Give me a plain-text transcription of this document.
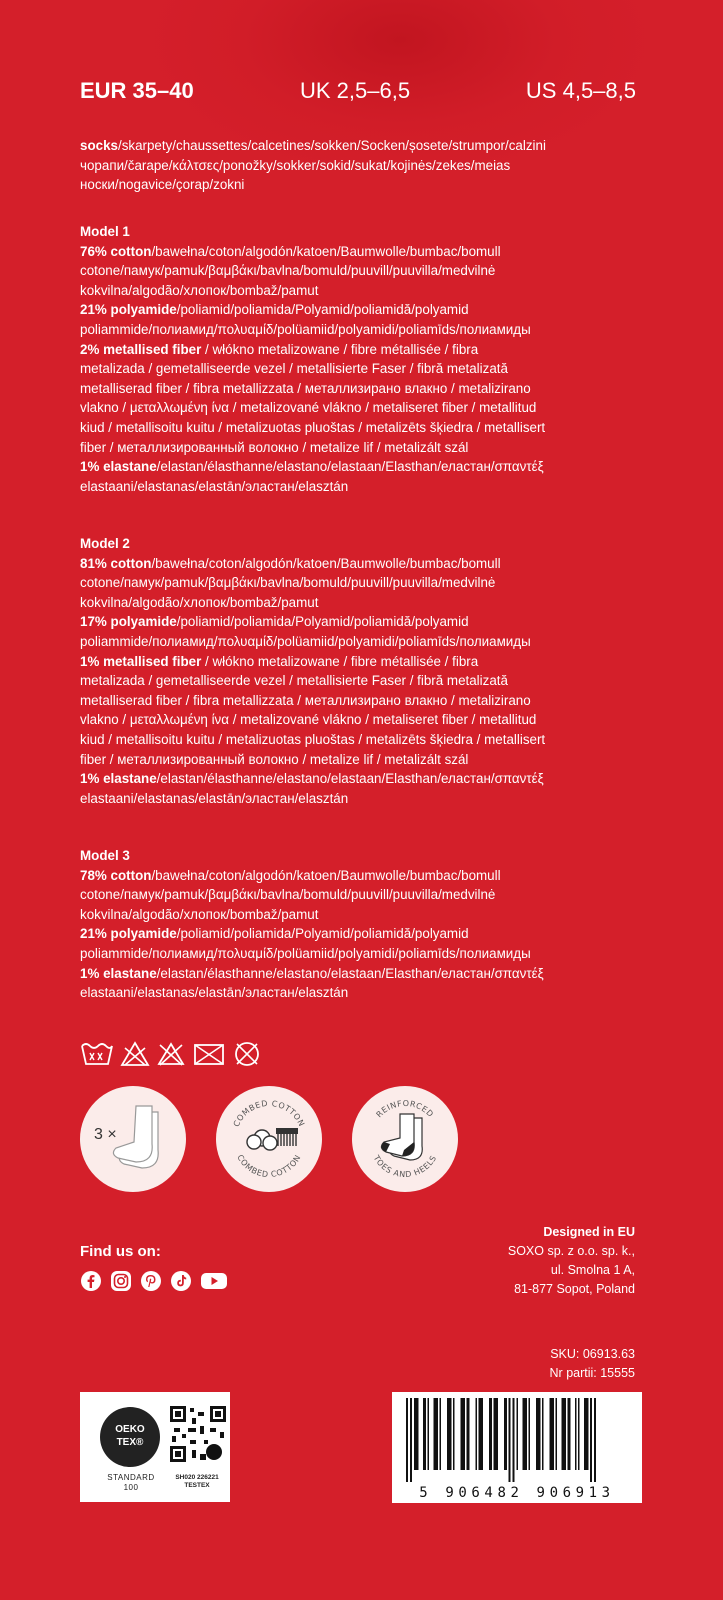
EUR 35–40	UK 2,5–6,5	US 4,5–8,5

socks/skarpety/chaussettes/calcetines/sokken/Socken/șosete/strumpor/calzini

чорапи/čarape/κάλτσες/ponožky/sokker/sokid/sukat/kojinės/zekes/meias

носки/nogavice/çorap/zokni

Model 1

76% cotton/bawełna/coton/algodón/katoen/Baumwolle/bumbac/bomull

cotone/памук/pamuk/βαμβάκι/bavlna/bomuld/puuvill/puuvilla/medvilnė

kokvilna/algodão/хлопок/bombaž/pamut

21% polyamide/poliamid/poliamida/Polyamid/poliamidă/polyamid

poliammide/полиамид/πολυαμίδ/polüamiid/polyamidi/poliamīds/полиамиды

2% metallised fiber / włókno metalizowane / fibre métallisée / fibra

metalizada / gemetalliseerde vezel / metallisierte Faser / fibră metalizată

metalliserad fiber / fibra metallizzata / металлизирано влакно / metalizirano

vlakno / μεταλλωμένη ίνα / metalizované vlákno / metaliseret fiber / metallitud

kiud / metallisoitu kuitu / metalizuotas pluoštas / metalizēts šķiedra / metallisert

fiber / металлизированный волокно / metalize lif / metalizált szál

1% elastane/elastan/élasthanne/elastano/elastaan/Elasthan/еластан/σπαντέξ

elastaani/elastanas/elastān/эластан/elasztán

Model 2

81% cotton/bawełna/coton/algodón/katoen/Baumwolle/bumbac/bomull

cotone/памук/pamuk/βαμβάκι/bavlna/bomuld/puuvill/puuvilla/medvilnė

kokvilna/algodão/хлопок/bombaž/pamut

17% polyamide/poliamid/poliamida/Polyamid/poliamidă/polyamid

poliammide/полиамид/πολυαμίδ/polüamiid/polyamidi/poliamīds/полиамиды

1% metallised fiber / włókno metalizowane / fibre métallisée / fibra

metalizada / gemetalliseerde vezel / metallisierte Faser / fibră metalizată

metalliserad fiber / fibra metallizzata / металлизирано влакно / metalizirano

vlakno / μεταλλωμένη ίνα / metalizované vlákno / metaliseret fiber / metallitud

kiud / metallisoitu kuitu / metalizuotas pluoštas / metalizēts šķiedra / metallisert

fiber / металлизированный волокно / metalize lif / metalizált szál

1% elastane/elastan/élasthanne/elastano/elastaan/Elasthan/еластан/σπαντέξ

elastaani/elastanas/elastān/эластан/elasztán

Model 3

78% cotton/bawełna/coton/algodón/katoen/Baumwolle/bumbac/bomull

cotone/памук/pamuk/βαμβάκι/bavlna/bomuld/puuvill/puuvilla/medvilnė

kokvilna/algodão/хлопок/bombaž/pamut

21% polyamide/poliamid/poliamida/Polyamid/poliamidă/polyamid

poliammide/полиамид/πολυαμίδ/polüamiid/polyamidi/poliamīds/полиамиды

1% elastane/elastan/élasthanne/elastano/elastaan/Elasthan/еластан/σπαντέξ

elastaani/elastanas/elastān/эластан/elasztán

3 ×
COMBED COTTON
COMBED COTTON
REINFORCED
TOES AND HEELS
Find us on:

Designed in EU

SOXO sp. z o.o. sp. k.,

ul. Smolna 1 A,

81-877 Sopot, Poland

SKU: 06913.63

Nr partii: 15555

OEKO
TEX®
STANDARD
100
SH020 226221
TESTEX	5 906482 906913
